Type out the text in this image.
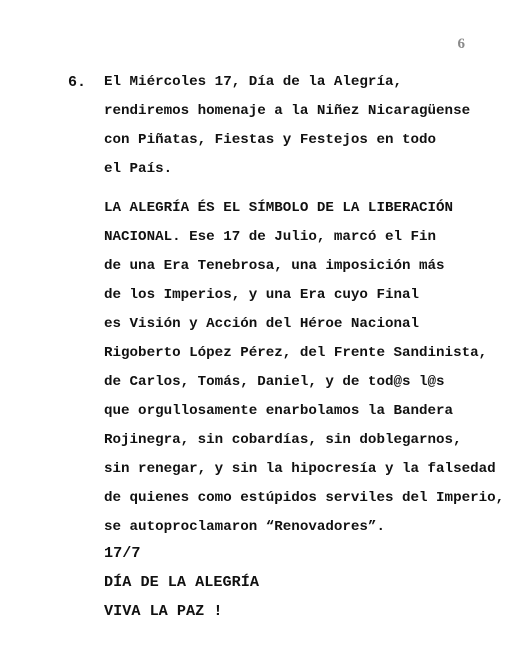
6
6. El Miércoles 17, Día de la Alegría,
rendiremos homenaje a la Niñez Nicaragüense
con Piñatas, Fiestas y Festejos en todo
el País.

LA ALEGRÍA ÉS EL SÍMBOLO DE LA LIBERACIÓN
NACIONAL. Ese 17 de Julio, marcó el Fin
de una Era Tenebrosa, una imposición más
de los Imperios, y una Era cuyo Final
es Visión y Acción del Héroe Nacional
Rigoberto López Pérez, del Frente Sandinista,
de Carlos, Tomás, Daniel, y de tod@s l@s
que orgullosamente enarbolamos la Bandera
Rojinegra, sin cobardías, sin doblegarnos,
sin renegar, y sin la hipocresía y la falsedad
de quienes como estúpidos serviles del Imperio,
se autoproclamaron “Renovadores”.

17/7
DÍA DE LA ALEGRÍA
VIVA LA PAZ !
